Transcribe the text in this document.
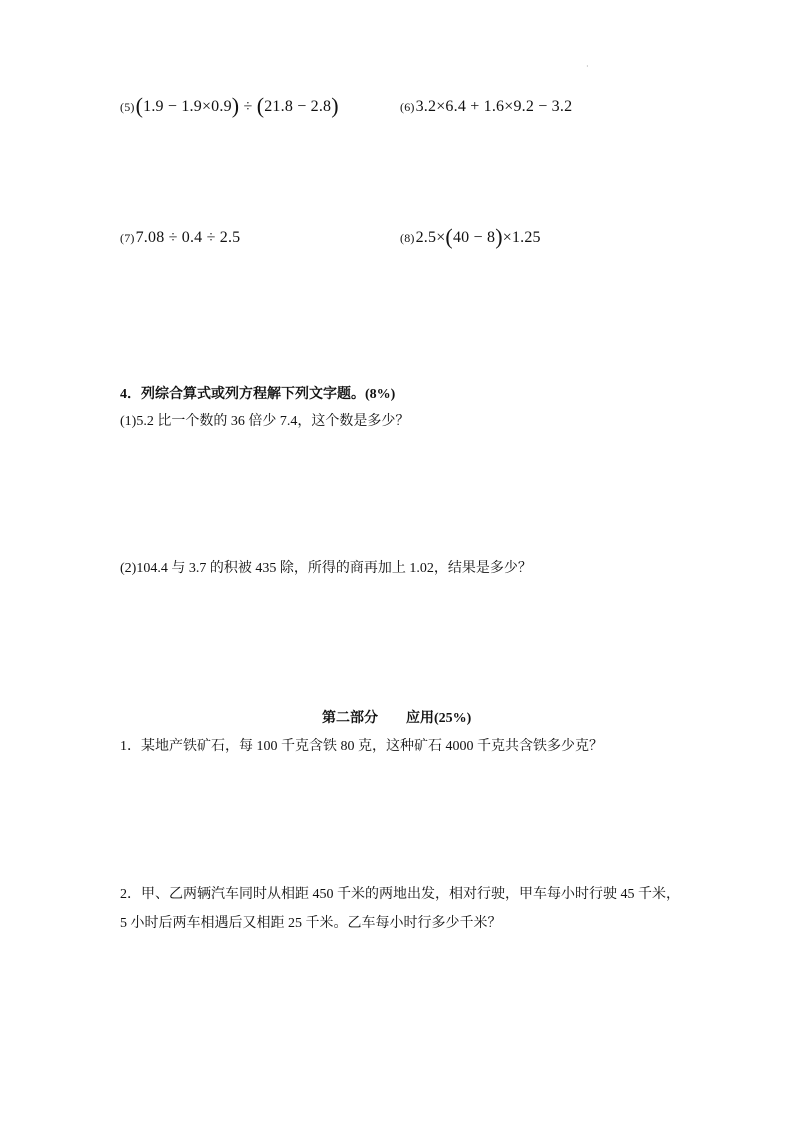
·
(5)(1.9 − 1.9×0.9) ÷ (21.8 − 2.8)	(6)3.2×6.4 + 1.6×9.2 − 3.2
(7)7.08 ÷ 0.4 ÷ 2.5	(8)2.5×(40 − 8)×1.25
4．列综合算式或列方程解下列文字题。(8%)
(1)5.2 比一个数的 36 倍少 7.4，这个数是多少？
(2)104.4 与 3.7 的积被 435 除，所得的商再加上 1.02，结果是多少？
第二部分 应用(25%)
1．某地产铁矿石，每 100 千克含铁 80 克，这种矿石 4000 千克共含铁多少克？
2．甲、乙两辆汽车同时从相距 450 千米的两地出发，相对行驶，甲车每小时行驶 45 千米，
5 小时后两车相遇后又相距 25 千米。乙车每小时行多少千米？
